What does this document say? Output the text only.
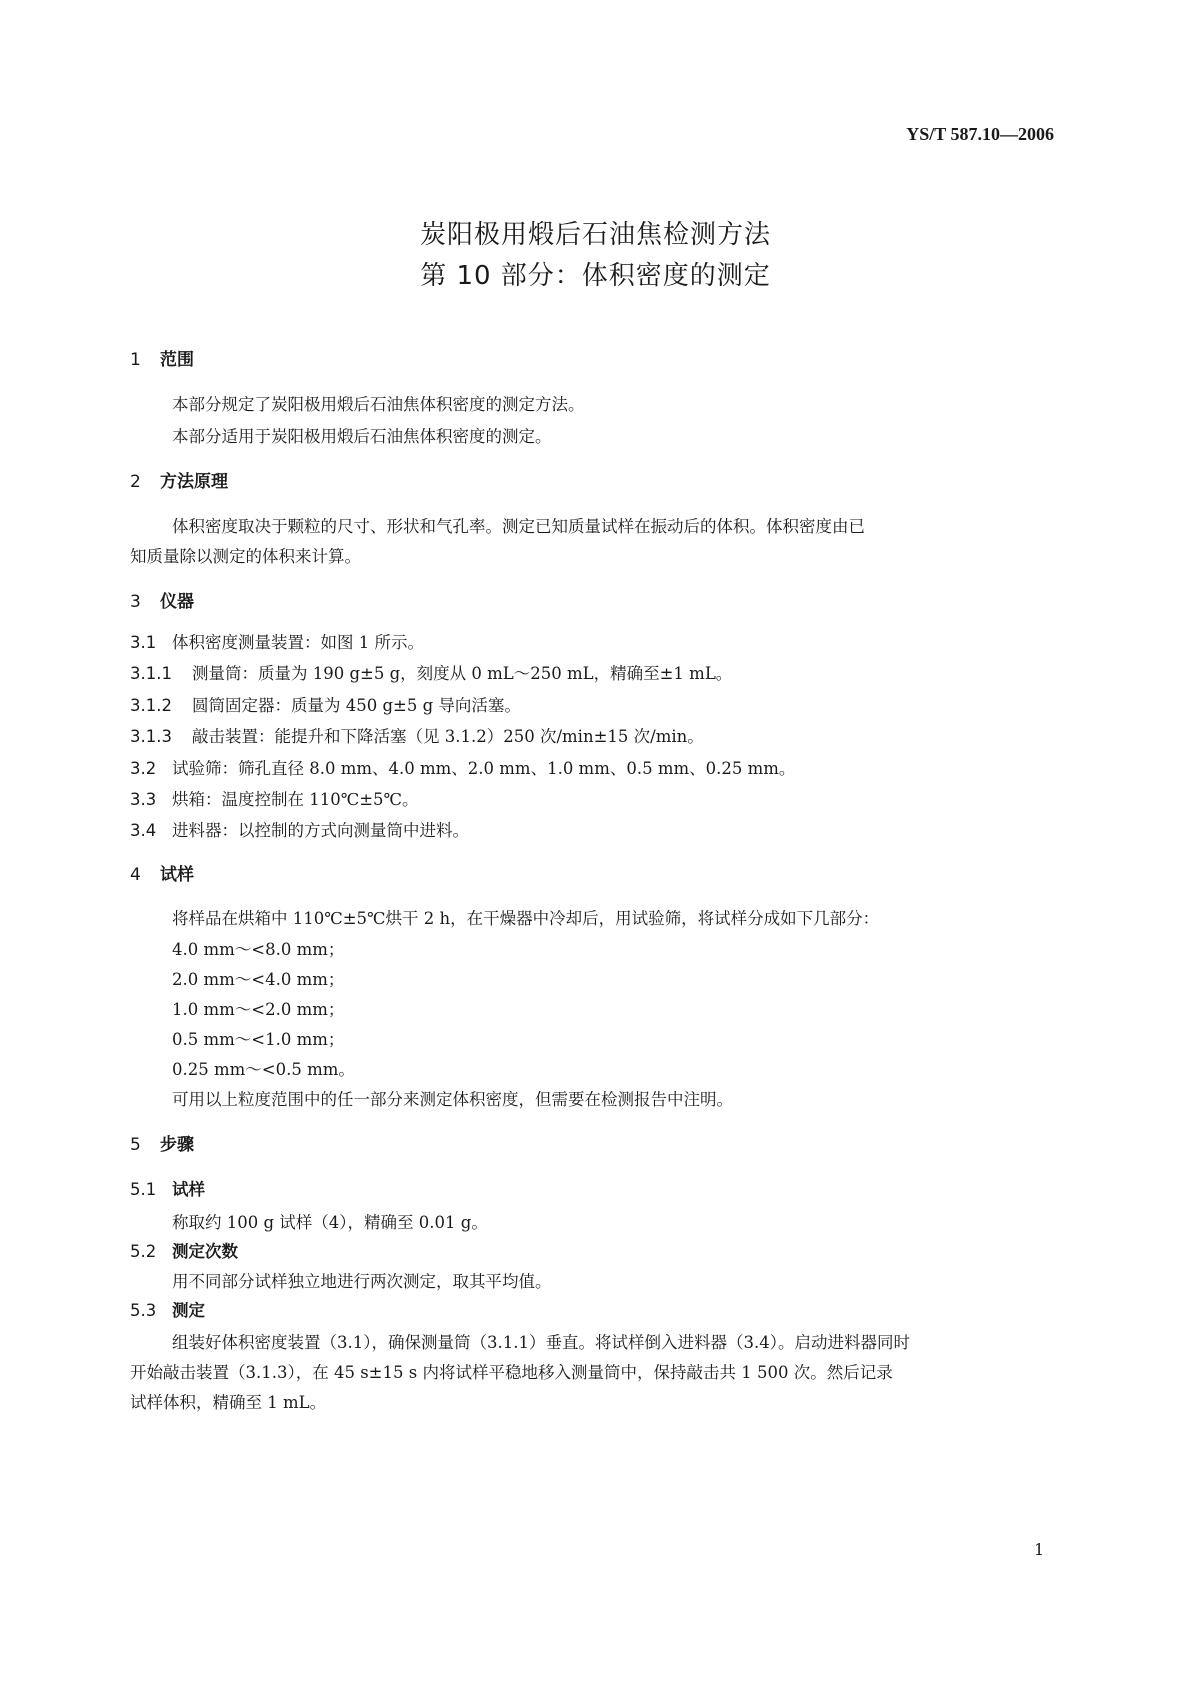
YS/T 587.10—2006
炭阳极用煅后石油焦检测方法
第 10 部分：体积密度的测定
1 范围
本部分规定了炭阳极用煅后石油焦体积密度的测定方法。
本部分适用于炭阳极用煅后石油焦体积密度的测定。
2 方法原理
体积密度取决于颗粒的尺寸、形状和气孔率。测定已知质量试样在振动后的体积。体积密度由已
知质量除以测定的体积来计算。
3 仪器
3.1 体积密度测量装置：如图 1 所示。
3.1.1 测量筒：质量为 190 g±5 g，刻度从 0 mL～250 mL，精确至±1 mL。
3.1.2 圆筒固定器：质量为 450 g±5 g 导向活塞。
3.1.3 敲击装置：能提升和下降活塞（见 3.1.2）250 次/min±15 次/min。
3.2 试验筛：筛孔直径 8.0 mm、4.0 mm、2.0 mm、1.0 mm、0.5 mm、0.25 mm。
3.3 烘箱：温度控制在 110℃±5℃。
3.4 进料器：以控制的方式向测量筒中进料。
4 试样
将样品在烘箱中 110℃±5℃烘干 2 h，在干燥器中冷却后，用试验筛，将试样分成如下几部分：
4.0 mm～<8.0 mm；
2.0 mm～<4.0 mm；
1.0 mm～<2.0 mm；
0.5 mm～<1.0 mm；
0.25 mm～<0.5 mm。
可用以上粒度范围中的任一部分来测定体积密度，但需要在检测报告中注明。
5 步骤
5.1 试样
称取约 100 g 试样（4），精确至 0.01 g。
5.2 测定次数
用不同部分试样独立地进行两次测定，取其平均值。
5.3 测定
组装好体积密度装置（3.1），确保测量筒（3.1.1）垂直。将试样倒入进料器（3.4）。启动进料器同时
开始敲击装置（3.1.3），在 45 s±15 s 内将试样平稳地移入测量筒中，保持敲击共 1 500 次。然后记录
试样体积，精确至 1 mL。
1
